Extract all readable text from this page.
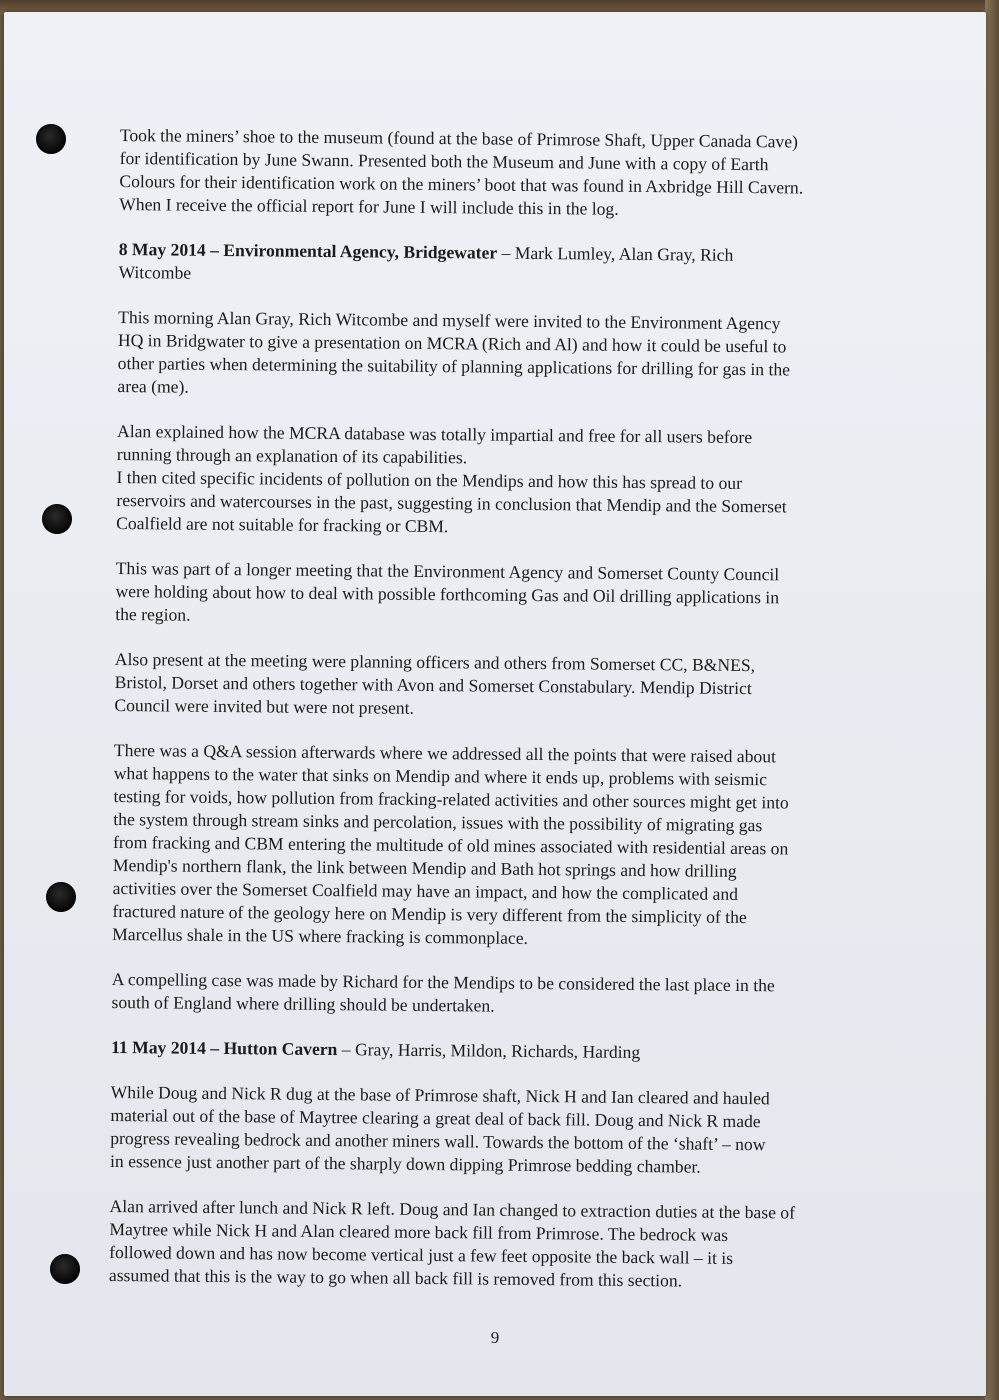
Took the miners’ shoe to the museum (found at the base of Primrose Shaft, Upper Canada Cave)
for identification by June Swann. Presented both the Museum and June with a copy of Earth
Colours for their identification work on the miners’ boot that was found in Axbridge Hill Cavern.
When I receive the official report for June I will include this in the log.

8 May 2014 – Environmental Agency, Bridgewater – Mark Lumley, Alan Gray, Rich
Witcombe

This morning Alan Gray, Rich Witcombe and myself were invited to the Environment Agency
HQ in Bridgwater to give a presentation on MCRA (Rich and Al) and how it could be useful to
other parties when determining the suitability of planning applications for drilling for gas in the
area (me).

Alan explained how the MCRA database was totally impartial and free for all users before
running through an explanation of its capabilities.
I then cited specific incidents of pollution on the Mendips and how this has spread to our
reservoirs and watercourses in the past, suggesting in conclusion that Mendip and the Somerset
Coalfield are not suitable for fracking or CBM.

This was part of a longer meeting that the Environment Agency and Somerset County Council
were holding about how to deal with possible forthcoming Gas and Oil drilling applications in
the region.

Also present at the meeting were planning officers and others from Somerset CC, B&NES,
Bristol, Dorset and others together with Avon and Somerset Constabulary. Mendip District
Council were invited but were not present.

There was a Q&A session afterwards where we addressed all the points that were raised about
what happens to the water that sinks on Mendip and where it ends up, problems with seismic
testing for voids, how pollution from fracking-related activities and other sources might get into
the system through stream sinks and percolation, issues with the possibility of migrating gas
from fracking and CBM entering the multitude of old mines associated with residential areas on
Mendip's northern flank, the link between Mendip and Bath hot springs and how drilling
activities over the Somerset Coalfield may have an impact, and how the complicated and
fractured nature of the geology here on Mendip is very different from the simplicity of the
Marcellus shale in the US where fracking is commonplace.

A compelling case was made by Richard for the Mendips to be considered the last place in the
south of England where drilling should be undertaken.

11 May 2014 – Hutton Cavern – Gray, Harris, Mildon, Richards, Harding

While Doug and Nick R dug at the base of Primrose shaft, Nick H and Ian cleared and hauled
material out of the base of Maytree clearing a great deal of back fill. Doug and Nick R made
progress revealing bedrock and another miners wall. Towards the bottom of the ‘shaft’ – now
in essence just another part of the sharply down dipping Primrose bedding chamber.

Alan arrived after lunch and Nick R left. Doug and Ian changed to extraction duties at the base of
Maytree while Nick H and Alan cleared more back fill from Primrose. The bedrock was
followed down and has now become vertical just a few feet opposite the back wall – it is
assumed that this is the way to go when all back fill is removed from this section.

9
